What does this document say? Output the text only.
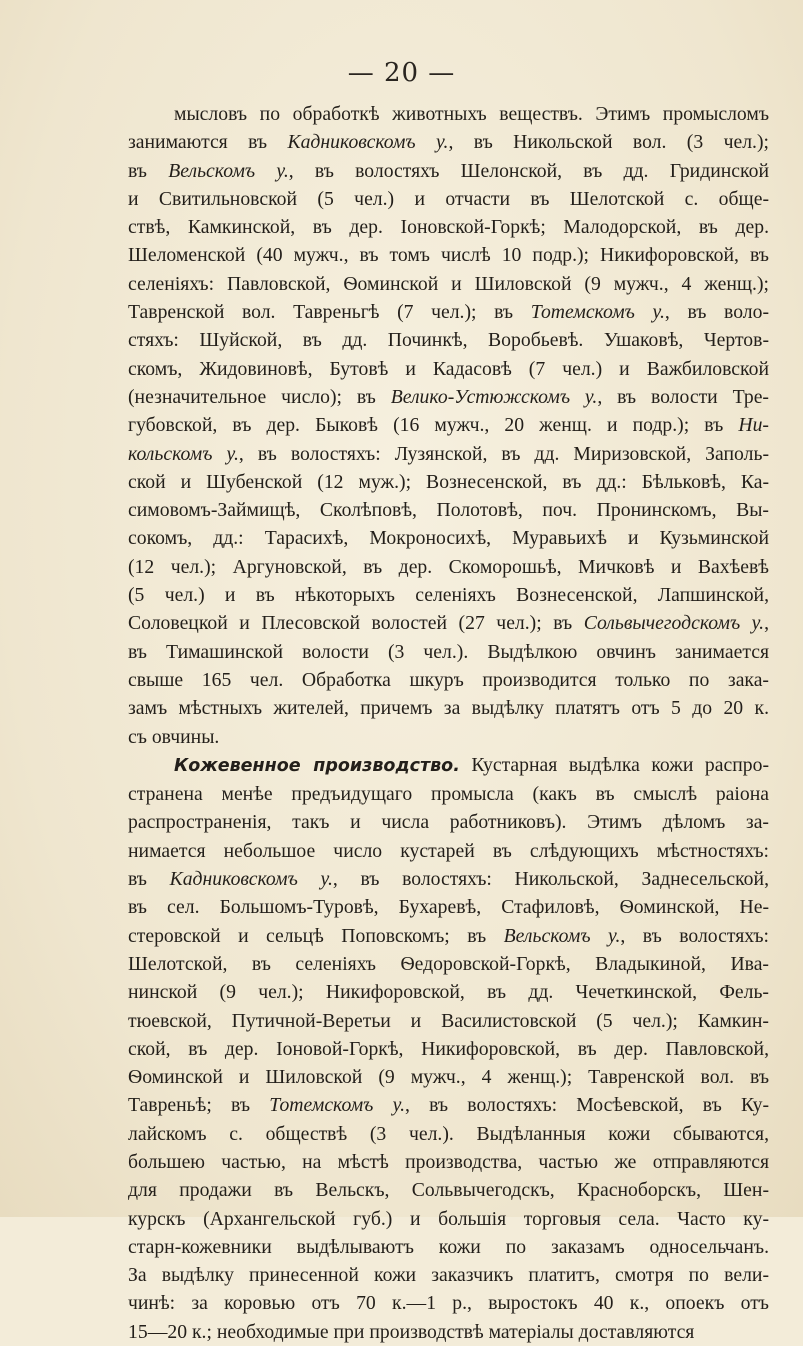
— 20 —
мысловъ по обработкѣ животныхъ веществъ. Этимъ промысломъ
занимаются въ Кадниковскомъ у., въ Никольской вол. (3 чел.);
въ Вельскомъ у., въ волостяхъ Шелонской, въ дд. Гридинской
и Свитильновской (5 чел.) и отчасти въ Шелотской с. обще-
ствѣ, Камкинской, въ дер. Іоновской-Горкѣ; Малодорской, въ дер.
Шеломенской (40 мужч., въ томъ числѣ 10 подр.); Никифоровской, въ
селеніяхъ: Павловской, Ѳоминской и Шиловской (9 мужч., 4 женщ.);
Тавренской вол. Тавреньгѣ (7 чел.); въ Тотемскомъ у., въ воло-
стяхъ: Шуйской, въ дд. Починкѣ, Воробьевѣ. Ушаковѣ, Чертов-
скомъ, Жидовиновѣ, Бутовѣ и Кадасовѣ (7 чел.) и Важбиловской
(незначительное число); въ Велико-Устюжскомъ у., въ волости Тре-
губовской, въ дер. Быковѣ (16 мужч., 20 женщ. и подр.); въ Ни-
кольскомъ у., въ волостяхъ: Лузянской, въ дд. Миризовской, Заполь-
ской и Шубенской (12 муж.); Вознесенской, въ дд.: Бѣльковѣ, Ка-
симовомъ-Займищѣ, Сколѣповѣ, Полотовѣ, поч. Пронинскомъ, Вы-
сокомъ, дд.: Тарасихѣ, Мокроносихѣ, Муравьихѣ и Кузьминской
(12 чел.); Аргуновской, въ дер. Скоморошьѣ, Мичковѣ и Вахѣевѣ
(5 чел.) и въ нѣкоторыхъ селеніяхъ Вознесенской, Лапшинской,
Соловецкой и Плесовской волостей (27 чел.); въ Сольвычегодскомъ у.,
въ Тимашинской волости (3 чел.). Выдѣлкою овчинъ занимается
свыше 165 чел. Обработка шкуръ производится только по зака-
замъ мѣстныхъ жителей, причемъ за выдѣлку платятъ отъ 5 до 20 к.
съ овчины.
Кожевенное производство. Кустарная выдѣлка кожи распро-
странена менѣе предъидущаго промысла (какъ въ смыслѣ раіона
распространенія, такъ и числа работниковъ). Этимъ дѣломъ за-
нимается небольшое число кустарей въ слѣдующихъ мѣстностяхъ:
въ Кадниковскомъ у., въ волостяхъ: Никольской, Заднесельской,
въ сел. Большомъ-Туровѣ, Бухаревѣ, Стафиловѣ, Ѳоминской, Не-
стеровской и сельцѣ Поповскомъ; въ Вельскомъ у., въ волостяхъ:
Шелотской, въ селеніяхъ Ѳедоровской-Горкѣ, Владыкиной, Ива-
нинской (9 чел.); Никифоровской, въ дд. Чечеткинской, Фель-
тюевской, Путичной-Веретьи и Василистовской (5 чел.); Камкин-
ской, въ дер. Іоновой-Горкѣ, Никифоровской, въ дер. Павловской,
Ѳоминской и Шиловской (9 мужч., 4 женщ.); Тавренской вол. въ
Тавреньѣ; въ Тотемскомъ у., въ волостяхъ: Мосѣевской, въ Ку-
лайскомъ с. обществѣ (3 чел.). Выдѣланныя кожи сбываются,
большею частью, на мѣстѣ производства, частью же отправляются
для продажи въ Вельскъ, Сольвычегодскъ, Красноборскъ, Шен-
курскъ (Архангельской губ.) и большія торговыя села. Часто ку-
старн-кожевники выдѣлываютъ кожи по заказамъ односельчанъ.
За выдѣлку принесенной кожи заказчикъ платитъ, смотря по вели-
чинѣ: за коровью отъ 70 к.—1 р., выростокъ 40 к., опоекъ отъ
15—20 к.; необходимые при производствѣ матеріалы доставляются
